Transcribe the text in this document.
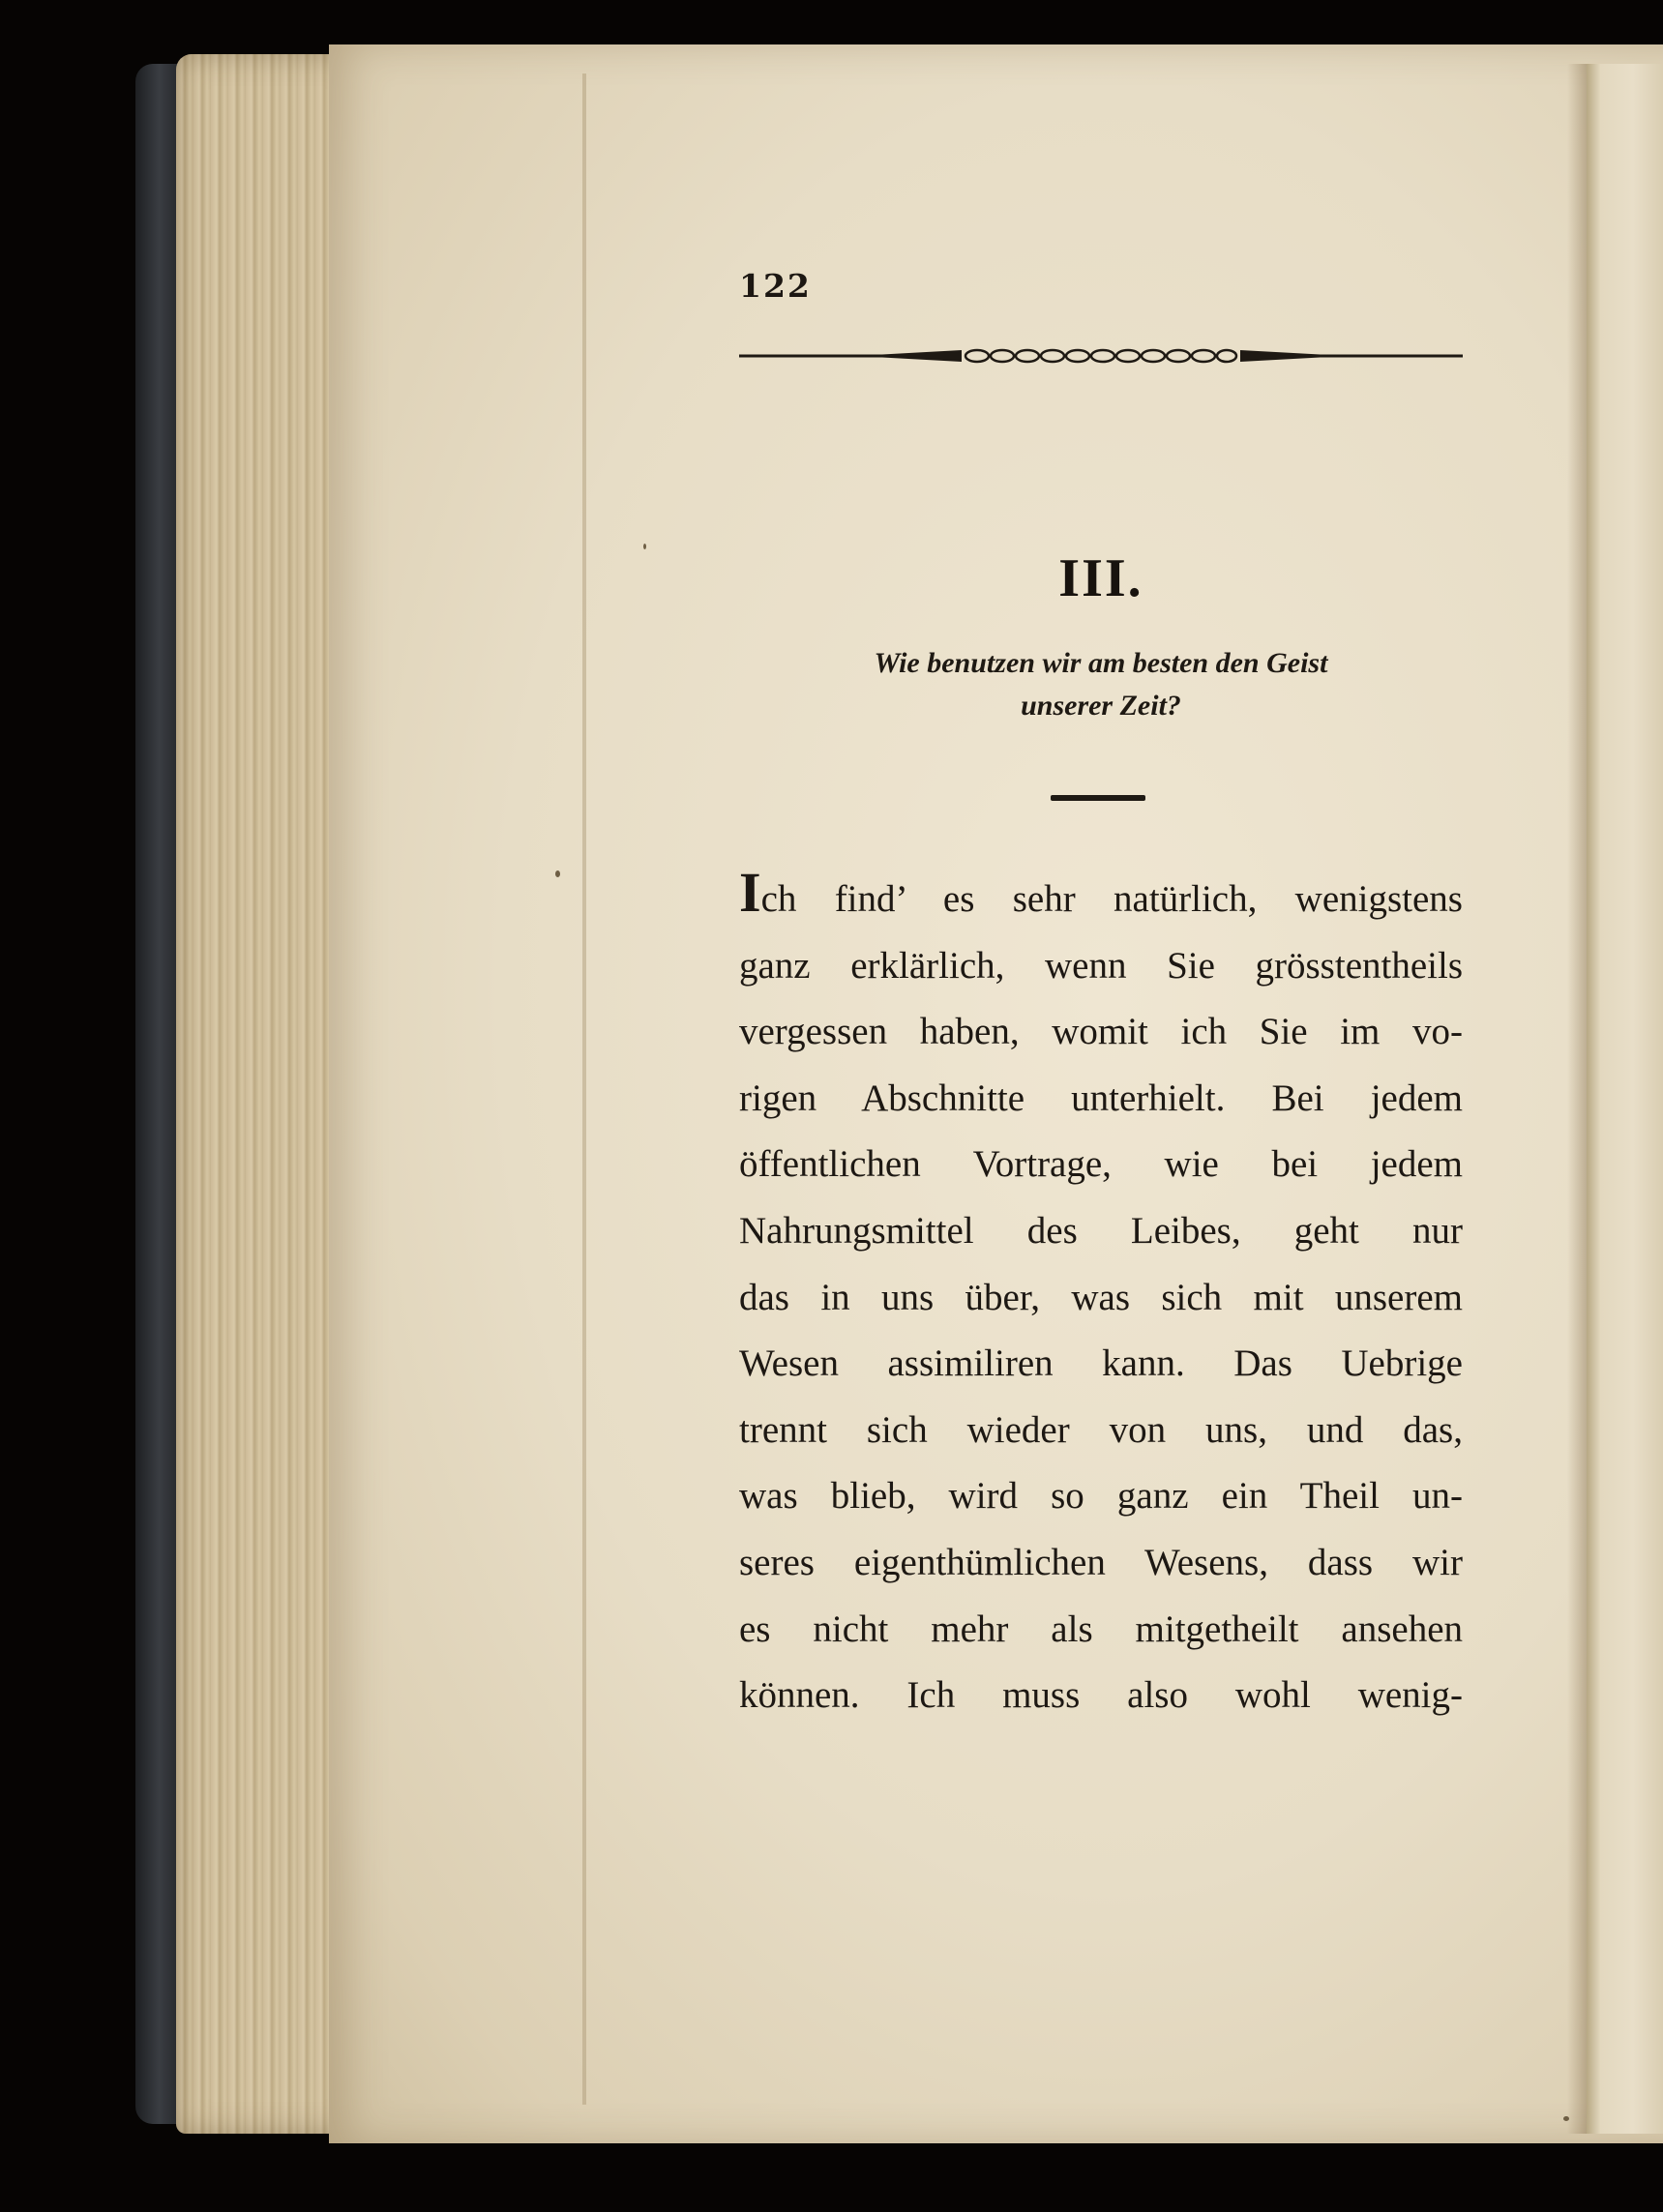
122

III.
Wie benutzen wir am besten den Geist
unserer Zeit?
Ich find’ es sehr natürlich, wenigstens
ganz erklärlich, wenn Sie grösstentheils
vergessen haben, womit ich Sie im vo-
rigen Abschnitte unterhielt. Bei jedem
öffentlichen Vortrage, wie bei jedem
Nahrungsmittel des Leibes, geht nur
das in uns über, was sich mit unserem
Wesen assimiliren kann. Das Uebrige
trennt sich wieder von uns, und das,
was blieb, wird so ganz ein Theil un-
seres eigenthümlichen Wesens, dass wir
es nicht mehr als mitgetheilt ansehen
können. Ich muss also wohl wenig-
